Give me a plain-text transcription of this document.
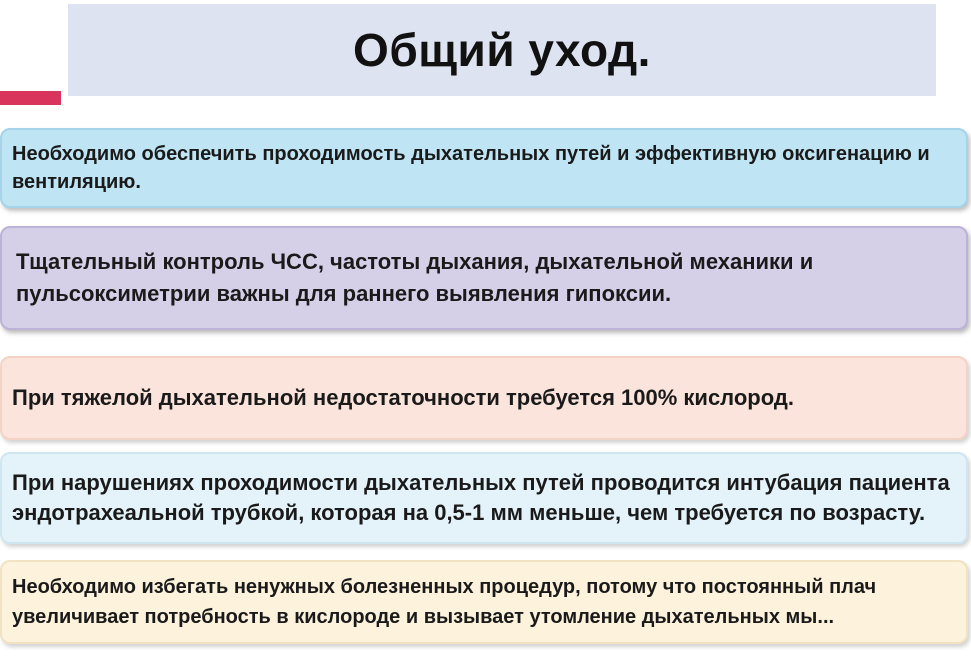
Общий уход.
Необходимо обеспечить проходимость дыхательных путей и эффективную оксигенацию и вентиляцию.
Тщательный контроль ЧСС, частоты дыхания, дыхательной механики и пульсоксиметрии важны для раннего выявления гипоксии.
При тяжелой дыхательной недостаточности требуется 100% кислород.
При нарушениях проходимости дыхательных путей проводится интубация пациента эндотрахеальной трубкой, которая на 0,5-1 мм меньше, чем требуется по возрасту.
Необходимо избегать ненужных болезненных процедур, потому что постоянный плач увеличивает потребность в кислороде и вызывает утомление дыхательных мы...
